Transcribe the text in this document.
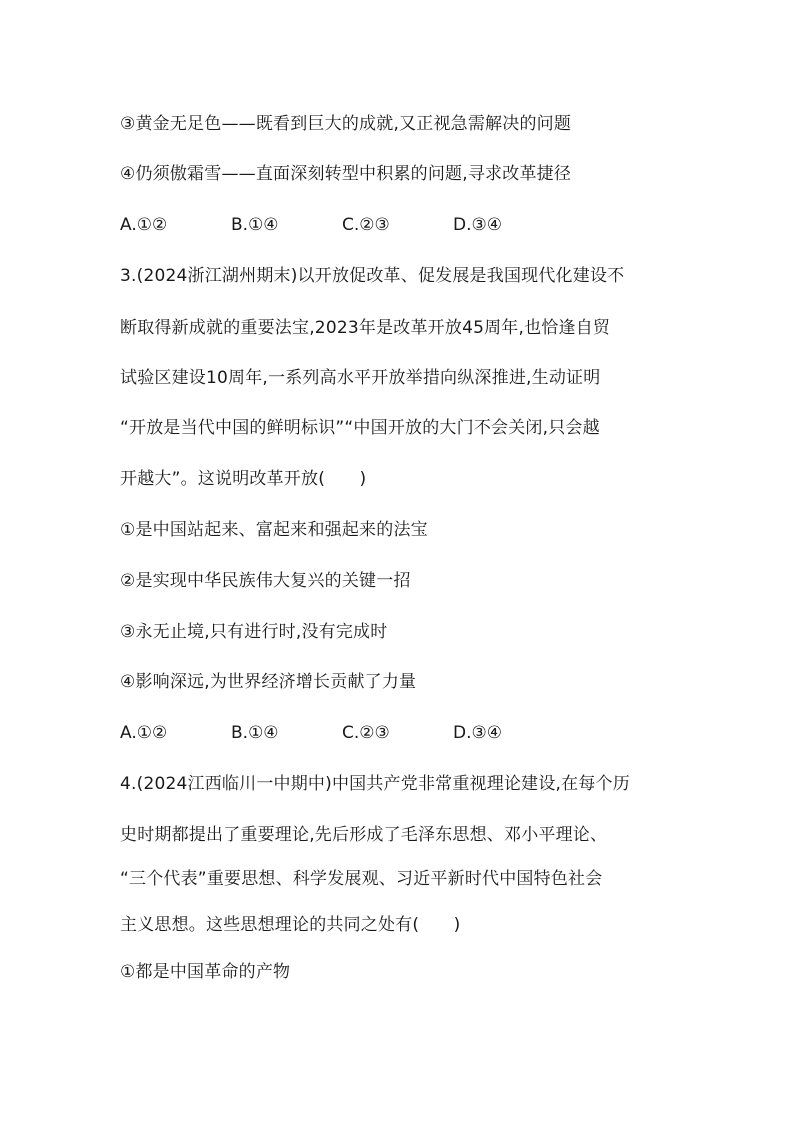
③黄金无足色——既看到巨大的成就,又正视急需解决的问题
④仍须傲霜雪——直面深刻转型中积累的问题,寻求改革捷径
A.①②	B.①④	C.②③	D.③④
3.(2024浙江湖州期末)以开放促改革、促发展是我国现代化建设不
断取得新成就的重要法宝,2023年是改革开放45周年,也恰逢自贸
试验区建设10周年,一系列高水平开放举措向纵深推进,生动证明
“开放是当代中国的鲜明标识”“中国开放的大门不会关闭,只会越
开越大”。这说明改革开放(　　)
①是中国站起来、富起来和强起来的法宝
②是实现中华民族伟大复兴的关键一招
③永无止境,只有进行时,没有完成时
④影响深远,为世界经济增长贡献了力量
A.①②	B.①④	C.②③	D.③④
4.(2024江西临川一中期中)中国共产党非常重视理论建设,在每个历
史时期都提出了重要理论,先后形成了毛泽东思想、邓小平理论、
“三个代表”重要思想、科学发展观、习近平新时代中国特色社会
主义思想。这些思想理论的共同之处有(　　)
①都是中国革命的产物
